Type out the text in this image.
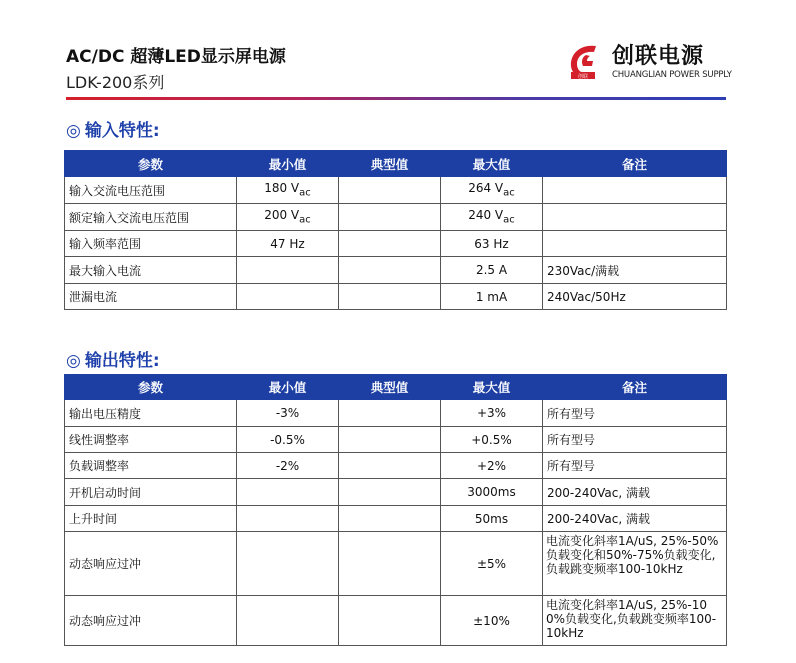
AC/DC 超薄LED显示屏电源
LDK-200系列	创联
创联电源
CHUANGLIAN POWER SUPPLY
◎ 输入特性:
参数	最小值	典型值	最大值	备注
输入交流电压范围	180 $V_{ac}$		264 $V_{ac}$	
额定输入交流电压范围	200 $V_{ac}$		240 $V_{ac}$	
输入频率范围	47 Hz		63 Hz	
最大输入电流			2.5 A	230Vac/满载
泄漏电流			1 mA	240Vac/50Hz
◎ 输出特性:
参数	最小值	典型值	最大值	备注
输出电压精度	-3%		+3%	所有型号
线性调整率	-0.5%		+0.5%	所有型号
负载调整率	-2%		+2%	所有型号
开机启动时间			3000ms	200-240Vac, 满载
上升时间			50ms	200-240Vac, 满载
动态响应过冲			±5%	电流变化斜率1A/uS, 25%-50%负载变化和50%-75%负载变化,负载跳变频率100-10kHz
动态响应过冲			±10%	电流变化斜率1A/uS, 25%-100%负载变化,负载跳变频率100-10kHz
